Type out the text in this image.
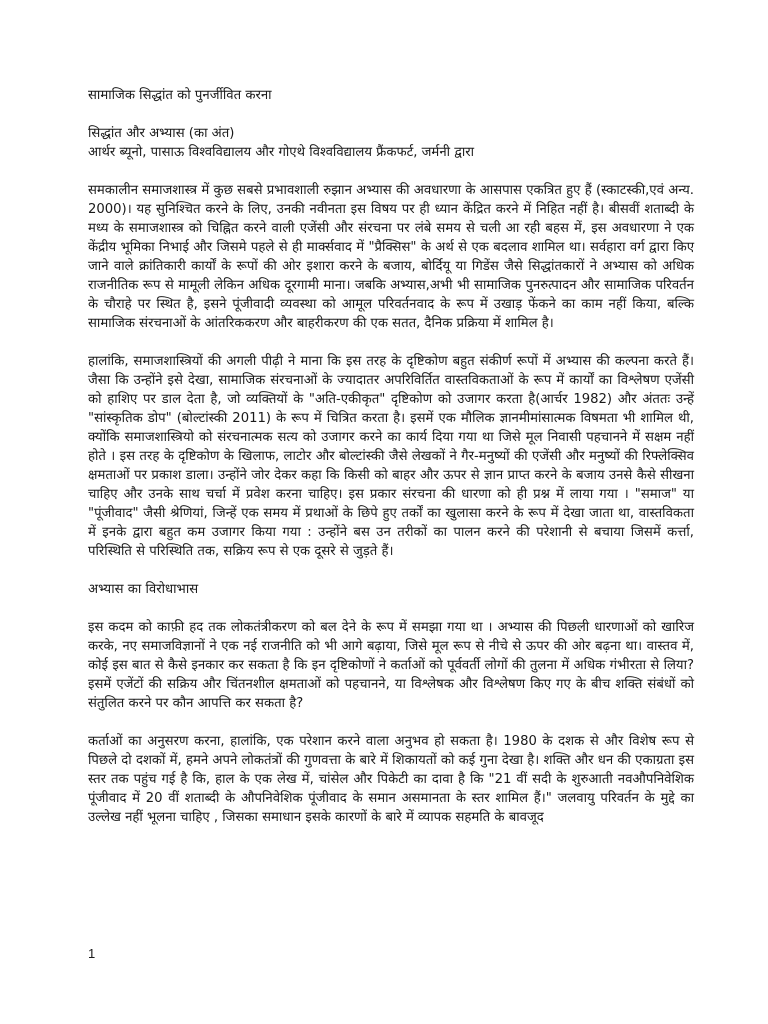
सामाजिक सिद्धांत को पुनर्जीवित करना

सिद्धांत और अभ्यास (का अंत)

आर्थर ब्यूनो, पासाऊ विश्वविद्यालय और गोएथे विश्वविद्यालय फ्रैंकफर्ट, जर्मनी द्वारा

समकालीन समाजशास्त्र में कुछ सबसे प्रभावशाली रुझान अभ्यास की अवधारणा के आसपास एकत्रित हुए हैं (स्काटस्की,एवं अन्य. 2000)। यह सुनिश्चित करने के लिए, उनकी नवीनता इस विषय पर ही ध्यान केंद्रित करने में निहित नहीं है। बीसवीं शताब्दी के मध्य के समाजशास्त्र को चिह्नित करने वाली एजेंसी और संरचना पर लंबे समय से चली आ रही बहस में, इस अवधारणा ने एक केंद्रीय भूमिका निभाई और जिसमे पहले से ही मार्क्सवाद में "प्रैक्सिस" के अर्थ से एक बदलाव शामिल था। सर्वहारा वर्ग द्वारा किए जाने वाले क्रांतिकारी कार्यों के रूपों की ओर इशारा करने के बजाय, बोर्दियू या गिडेंस जैसे सिद्धांतकारों ने अभ्यास को अधिक राजनीतिक रूप से मामूली लेकिन अधिक दूरगामी माना। जबकि अभ्यास,अभी भी सामाजिक पुनरुत्पादन और सामाजिक परिवर्तन के चौराहे पर स्थित है, इसने पूंजीवादी व्यवस्था को आमूल परिवर्तनवाद के रूप में उखाड़ फेंकने का काम नहीं किया, बल्कि सामाजिक संरचनाओं के आंतरिककरण और बाहरीकरण की एक सतत, दैनिक प्रक्रिया में शामिल है।

हालांकि, समाजशास्त्रियों की अगली पीढ़ी ने माना कि इस तरह के दृष्टिकोण बहुत संकीर्ण रूपों में अभ्यास की कल्पना करते हैं। जैसा कि उन्होंने इसे देखा, सामाजिक संरचनाओं के ज्यादातर अपरिविर्तित वास्तविकताओं के रूप में कार्यों का विश्लेषण एजेंसी को हाशिए पर डाल देता है, जो व्यक्तियों के "अति-एकीकृत" दृष्टिकोण को उजागर करता है(आर्चर 1982) और अंततः उन्हें "सांस्कृतिक डोप" (बोल्टांस्की 2011) के रूप में चित्रित करता है। इसमें एक मौलिक ज्ञानमीमांसात्मक विषमता भी शामिल थी, क्योंकि समाजशास्त्रियो को संरचनात्मक सत्य को उजागर करने का कार्य दिया गया था जिसे मूल निवासी पहचानने में सक्षम नहीं होते । इस तरह के दृष्टिकोण के खिलाफ, लाटोर और बोल्टांस्की जैसे लेखकों ने गैर-मनुष्यों की एजेंसी और मनुष्यों की रिफ्लेक्सिव क्षमताओं पर प्रकाश डाला। उन्होंने जोर देकर कहा कि किसी को बाहर और ऊपर से ज्ञान प्राप्त करने के बजाय उनसे कैसे सीखना चाहिए और उनके साथ चर्चा में प्रवेश करना चाहिए। इस प्रकार संरचना की धारणा को ही प्रश्न में लाया गया । "समाज" या "पूंजीवाद" जैसी श्रेणियां, जिन्हें एक समय में प्रथाओं के छिपे हुए तर्कों का खुलासा करने के रूप में देखा जाता था, वास्तविकता में इनके द्वारा बहुत कम उजागर किया गया : उन्होंने बस उन तरीकों का पालन करने की परेशानी से बचाया जिसमें कर्त्ता, परिस्थिति से परिस्थिति तक, सक्रिय रूप से एक दूसरे से जुड़ते हैं।

अभ्यास का विरोधाभास

इस कदम को काफ़ी हद तक लोकतंत्रीकरण को बल देने के रूप में समझा गया था । अभ्यास की पिछली धारणाओं को खारिज करके, नए समाजविज्ञानों ने एक नई राजनीति को भी आगे बढ़ाया, जिसे मूल रूप से नीचे से ऊपर की ओर बढ़ना था। वास्तव में, कोई इस बात से कैसे इनकार कर सकता है कि इन दृष्टिकोणों ने कर्ताओं को पूर्ववर्ती लोगों की तुलना में अधिक गंभीरता से लिया? इसमें एजेंटों की सक्रिय और चिंतनशील क्षमताओं को पहचानने, या विश्लेषक और विश्लेषण किए गए के बीच शक्ति संबंधों को संतुलित करने पर कौन आपत्ति कर सकता है?

कर्ताओं का अनुसरण करना, हालांकि, एक परेशान करने वाला अनुभव हो सकता है। 1980 के दशक से और विशेष रूप से पिछले दो दशकों में, हमने अपने लोकतंत्रों की गुणवत्ता के बारे में शिकायतों को कई गुना देखा है। शक्ति और धन की एकाग्रता इस स्तर तक पहुंच गई है कि, हाल के एक लेख में, चांसेल और पिकेटी का दावा है कि "21 वीं सदी के शुरुआती नवऔपनिवेशिक पूंजीवाद में 20 वीं शताब्दी के औपनिवेशिक पूंजीवाद के समान असमानता के स्तर शामिल हैं।" जलवायु परिवर्तन के मुद्दे का उल्लेख नहीं भूलना चाहिए , जिसका समाधान इसके कारणों के बारे में व्यापक सहमति के बावजूद

1
